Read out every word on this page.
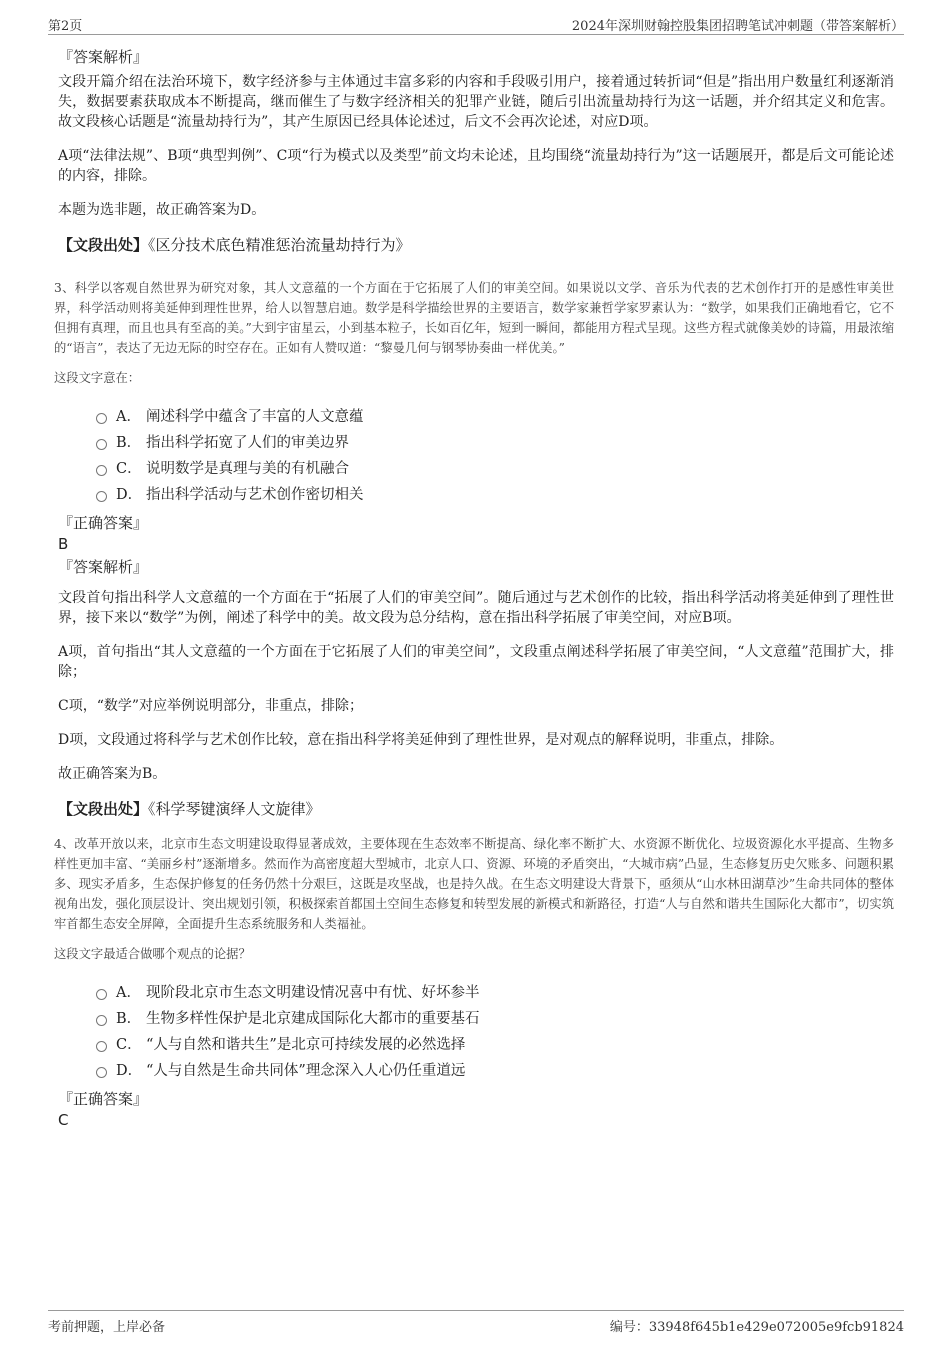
第2页	2024年深圳财翰控股集团招聘笔试冲刺题（带答案解析）
『答案解析』

文段开篇介绍在法治环境下，数字经济参与主体通过丰富多彩的内容和手段吸引用户，接着通过转折词“但是”指出用户数量红利逐渐消失，数据要素获取成本不断提高，继而催生了与数字经济相关的犯罪产业链，随后引出流量劫持行为这一话题，并介绍其定义和危害。故文段核心话题是“流量劫持行为”，其产生原因已经具体论述过，后文不会再次论述，对应D项。

A项“法律法规”、B项“典型判例”、C项“行为模式以及类型”前文均未论述，且均围绕“流量劫持行为”这一话题展开，都是后文可能论述的内容，排除。

本题为选非题，故正确答案为D。

【文段出处】《区分技术底色精准惩治流量劫持行为》
3、科学以客观自然世界为研究对象，其人文意蕴的一个方面在于它拓展了人们的审美空间。如果说以文学、音乐为代表的艺术创作打开的是感性审美世界，科学活动则将美延伸到理性世界，给人以智慧启迪。数学是科学描绘世界的主要语言，数学家兼哲学家罗素认为：“数学，如果我们正确地看它，它不但拥有真理，而且也具有至高的美。”大到宇宙星云，小到基本粒子，长如百亿年，短到一瞬间，都能用方程式呈现。这些方程式就像美妙的诗篇，用最浓缩的“语言”，表达了无边无际的时空存在。正如有人赞叹道：“黎曼几何与钢琴协奏曲一样优美。”
这段文字意在：
A． 阐述科学中蕴含了丰富的人文意蕴
B． 指出科学拓宽了人们的审美边界
C． 说明数学是真理与美的有机融合
D． 指出科学活动与艺术创作密切相关
『正确答案』
B
『答案解析』

文段首句指出科学人文意蕴的一个方面在于“拓展了人们的审美空间”。随后通过与艺术创作的比较，指出科学活动将美延伸到了理性世界，接下来以“数学”为例，阐述了科学中的美。故文段为总分结构，意在指出科学拓展了审美空间，对应B项。

A项，首句指出“其人文意蕴的一个方面在于它拓展了人们的审美空间”，文段重点阐述科学拓展了审美空间，“人文意蕴”范围扩大，排除；

C项，“数学”对应举例说明部分，非重点，排除；

D项，文段通过将科学与艺术创作比较，意在指出科学将美延伸到了理性世界，是对观点的解释说明，非重点，排除。

故正确答案为B。

【文段出处】《科学琴键演绎人文旋律》
4、改革开放以来，北京市生态文明建设取得显著成效，主要体现在生态效率不断提高、绿化率不断扩大、水资源不断优化、垃圾资源化水平提高、生物多样性更加丰富、“美丽乡村”逐渐增多。然而作为高密度超大型城市，北京人口、资源、环境的矛盾突出，“大城市病”凸显，生态修复历史欠账多、问题积累多、现实矛盾多，生态保护修复的任务仍然十分艰巨，这既是攻坚战，也是持久战。在生态文明建设大背景下，亟须从“山水林田湖草沙”生命共同体的整体视角出发，强化顶层设计、突出规划引领，积极探索首都国土空间生态修复和转型发展的新模式和新路径，打造“人与自然和谐共生国际化大都市”，切实筑牢首都生态安全屏障，全面提升生态系统服务和人类福祉。
这段文字最适合做哪个观点的论据？
A． 现阶段北京市生态文明建设情况喜中有忧、好坏参半
B． 生物多样性保护是北京建成国际化大都市的重要基石
C． “人与自然和谐共生”是北京可持续发展的必然选择
D． “人与自然是生命共同体”理念深入人心仍任重道远
『正确答案』
C
考前押题，上岸必备	编号：33948f645b1e429e072005e9fcb91824
